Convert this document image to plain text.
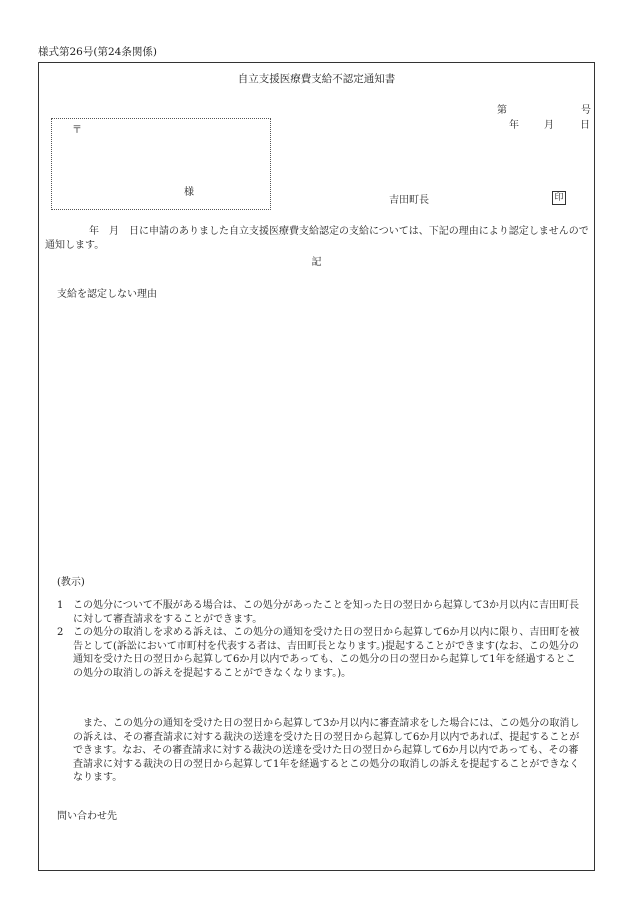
様式第26号(第24条関係)
自立支援医療費支給不認定通知書
第	号
年	月	日
〒
様
吉田町長	印
年　月　日に申請のありました自立支援医療費支給認定の支給については、下記の理由により認定しませんので通知します。
記
支給を認定しない理由
(教示)
1 この処分について不服がある場合は、この処分があったことを知った日の翌日から起算して3か月以内に吉田町長に対して審査請求をすることができます。
2 この処分の取消しを求める訴えは、この処分の通知を受けた日の翌日から起算して6か月以内に限り、吉田町を被告として(訴訟において市町村を代表する者は、吉田町長となります。)提起することができます(なお、この処分の通知を受けた日の翌日から起算して6か月以内であっても、この処分の日の翌日から起算して1年を経過するとこの処分の取消しの訴えを提起することができなくなります。)。
また、この処分の通知を受けた日の翌日から起算して3か月以内に審査請求をした場合には、この処分の取消しの訴えは、その審査請求に対する裁決の送達を受けた日の翌日から起算して6か月以内であれば、提起することができます。なお、その審査請求に対する裁決の送達を受けた日の翌日から起算して6か月以内であっても、その審査請求に対する裁決の日の翌日から起算して1年を経過するとこの処分の取消しの訴えを提起することができなくなります。
問い合わせ先
